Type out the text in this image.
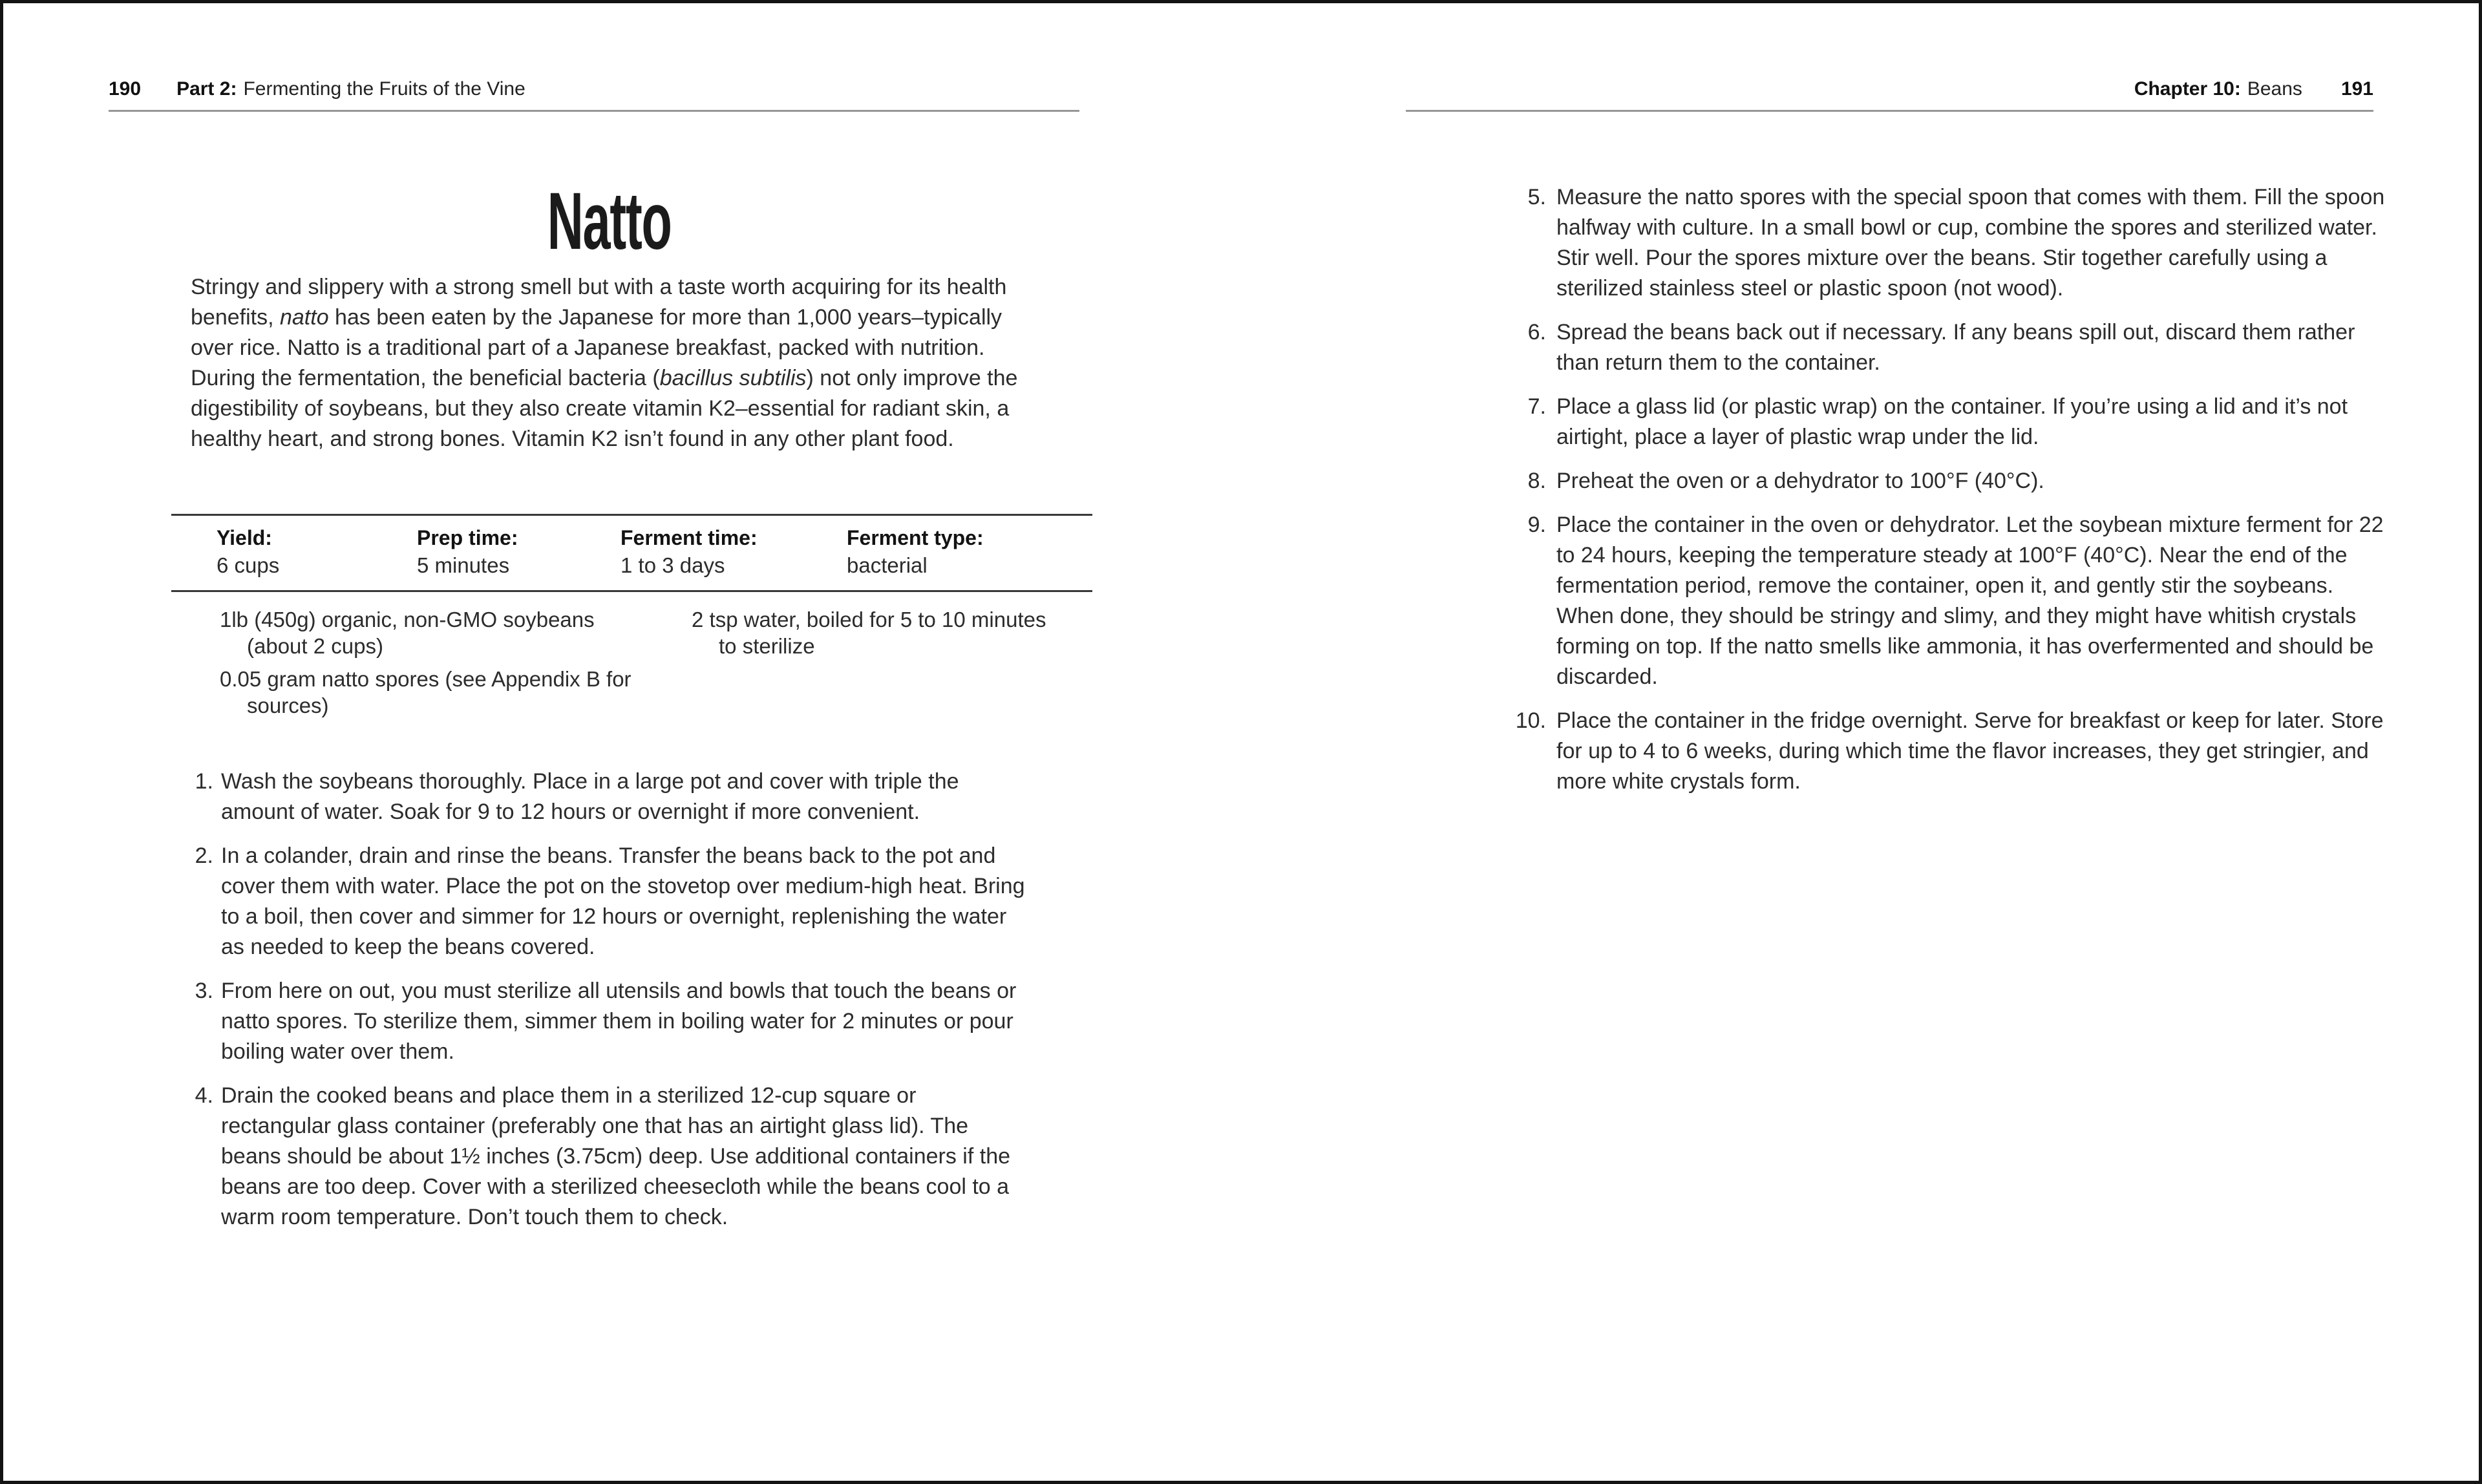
190 Part 2: Fermenting the Fruits of the Vine	Chapter 10: Beans 191
Natto

Stringy and slippery with a strong smell but with a taste worth acquiring for its health benefits, natto has been eaten by the Japanese for more than 1,000 years–typically over rice. Natto is a traditional part of a Japanese breakfast, packed with nutrition. During the fermentation, the beneficial bacteria (bacillus subtilis) not only improve the digestibility of soybeans, but they also create vitamin K2–essential for radiant skin, a healthy heart, and strong bones. Vitamin K2 isn’t found in any other plant food.

Yield:
6 cups
Prep time:
5 minutes
Ferment time:
1 to 3 days
Ferment type:
bacterial
1lb (450g) organic, non-GMO soybeans (about 2 cups)
0.05 gram natto spores (see Appendix B for sources)
2 tsp water, boiled for 5 to 10 minutes to sterilize
1. Wash the soybeans thoroughly. Place in a large pot and cover with triple the amount of water. Soak for 9 to 12 hours or overnight if more convenient.
2. In a colander, drain and rinse the beans. Transfer the beans back to the pot and cover them with water. Place the pot on the stovetop over medium-high heat. Bring to a boil, then cover and simmer for 12 hours or overnight, replenishing the water as needed to keep the beans covered.
3. From here on out, you must sterilize all utensils and bowls that touch the beans or natto spores. To sterilize them, simmer them in boiling water for 2 minutes or pour boiling water over them.
4. Drain the cooked beans and place them in a sterilized 12-cup square or rectangular glass container (preferably one that has an airtight glass lid). The beans should be about 1½ inches (3.75cm) deep. Use additional containers if the beans are too deep. Cover with a sterilized cheesecloth while the beans cool to a warm room temperature. Don’t touch them to check.
5. Measure the natto spores with the special spoon that comes with them. Fill the spoon halfway with culture. In a small bowl or cup, combine the spores and sterilized water. Stir well. Pour the spores mixture over the beans. Stir together carefully using a sterilized stainless steel or plastic spoon (not wood).
6. Spread the beans back out if necessary. If any beans spill out, discard them rather than return them to the container.
7. Place a glass lid (or plastic wrap) on the container. If you’re using a lid and it’s not airtight, place a layer of plastic wrap under the lid.
8. Preheat the oven or a dehydrator to 100°F (40°C).
9. Place the container in the oven or dehydrator. Let the soybean mixture ferment for 22 to 24 hours, keeping the temperature steady at 100°F (40°C). Near the end of the fermentation period, remove the container, open it, and gently stir the soybeans. When done, they should be stringy and slimy, and they might have whitish crystals forming on top. If the natto smells like ammonia, it has overfermented and should be discarded.
10. Place the container in the fridge overnight. Serve for breakfast or keep for later. Store for up to 4 to 6 weeks, during which time the flavor increases, they get stringier, and more white crystals form.
